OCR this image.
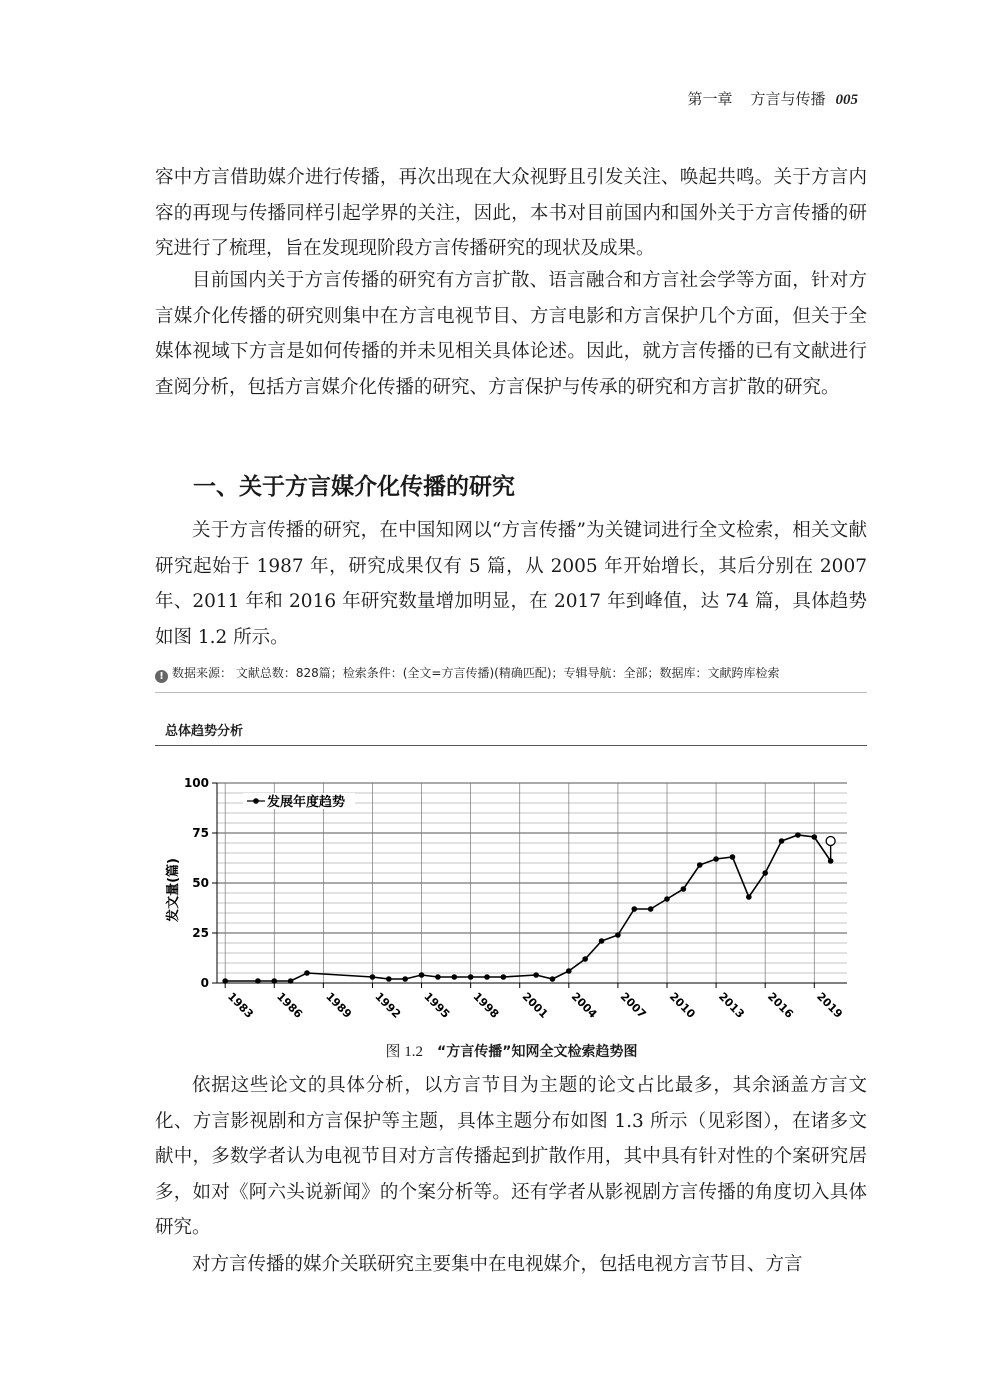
第一章 方言与传播 005

容中方言借助媒介进行传播，再次出现在大众视野且引发关注、唤起共鸣。关于方言内容的再现与传播同样引起学界的关注，因此，本书对目前国内和国外关于方言传播的研究进行了梳理，旨在发现现阶段方言传播研究的现状及成果。

目前国内关于方言传播的研究有方言扩散、语言融合和方言社会学等方面，针对方言媒介化传播的研究则集中在方言电视节目、方言电影和方言保护几个方面，但关于全媒体视域下方言是如何传播的并未见相关具体论述。因此，就方言传播的已有文献进行查阅分析，包括方言媒介化传播的研究、方言保护与传承的研究和方言扩散的研究。

一、关于方言媒介化传播的研究

关于方言传播的研究，在中国知网以“方言传播”为关键词进行全文检索，相关文献研究起始于 1987 年，研究成果仅有 5 篇，从 2005 年开始增长，其后分别在 2007 年、2011 年和 2016 年研究数量增加明显，在 2017 年到峰值，达 74 篇，具体趋势如图 1.2 所示。

! 数据来源： 文献总数：828篇；检索条件：(全文=方言传播)(精确匹配)；专辑导航：全部；数据库：文献跨库检索
总体趋势分析
0
25
50
75
100
1983 1986 1989 1992 1995 1998 2001 2004 2007 2010 2013 2016 2019
发展年度趋势
发文量(篇)
图 1.2 “方言传播”知网全文检索趋势图

依据这些论文的具体分析，以方言节目为主题的论文占比最多，其余涵盖方言文化、方言影视剧和方言保护等主题，具体主题分布如图 1.3 所示（见彩图），在诸多文献中，多数学者认为电视节目对方言传播起到扩散作用，其中具有针对性的个案研究居多，如对《阿六头说新闻》的个案分析等。还有学者从影视剧方言传播的角度切入具体研究。

对方言传播的媒介关联研究主要集中在电视媒介，包括电视方言节目、方言
